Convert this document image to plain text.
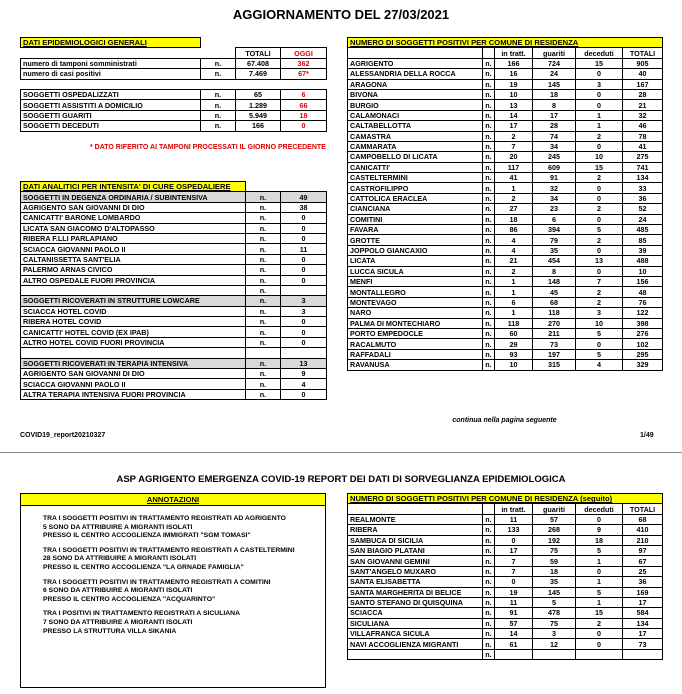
AGGIORNAMENTO DEL 27/03/2021
DATI EPIDEMIOLOGICI GENERALI			
		TOTALI	OGGI
numero di tamponi somministrati	n.	67.408	362
numero di casi positivi	n.	7.469	67*

SOGGETTI OSPEDALIZZATI	n.	65	6
SOGGETTI ASSISTITI A DOMICILIO	n.	1.289	66
SOGGETTI GUARITI	n.	5.949	18
SOGGETTI DECEDUTI	n.	166	0
* DATO RIFERITO AI TAMPONI PROCESSATI IL GIORNO PRECEDENTE
DATI ANALITICI PER INTENSITA' DI CURE OSPEDALIERE		
SOGGETTI IN DEGENZA ORDINARIA / SUBINTENSIVA	n.	49
AGRIGENTO SAN GIOVANNI DI DIO	n.	38
CANICATTI' BARONE LOMBARDO	n.	0
LICATA SAN GIACOMO D'ALTOPASSO	n.	0
RIBERA F.LLI PARLAPIANO	n.	0
SCIACCA GIOVANNI PAOLO II	n.	11
CALTANISSETTA SANT'ELIA	n.	0
PALERMO ARNAS CIVICO	n.	0
ALTRO OSPEDALE FUORI PROVINCIA	n.	0
	n.	
SOGGETTI RICOVERATI IN STRUTTURE LOWCARE	n.	3
SCIACCA HOTEL COVID	n.	3
RIBERA HOTEL COVID	n.	0
CANICATTI' HOTEL COVID (EX IPAB)	n.	0
ALTRO HOTEL COVID FUORI PROVINCIA	n.	0

SOGGETTI RICOVERATI IN TERAPIA INTENSIVA	n.	13
AGRIGENTO SAN GIOVANNI DI DIO	n.	9
SCIACCA GIOVANNI PAOLO II	n.	4
ALTRA TERAPIA INTENSIVA FUORI PROVINCIA	n.	0
NUMERO DI SOGGETTI POSITIVI PER COMUNE DI RESIDENZA					
		in tratt.	guariti	deceduti	TOTALI
AGRIGENTO	n.	166	724	15	905
ALESSANDRIA DELLA ROCCA	n.	16	24	0	40
ARAGONA	n.	19	145	3	167
BIVONA	n.	10	18	0	28
BURGIO	n.	13	8	0	21
CALAMONACI	n.	14	17	1	32
CALTABELLOTTA	n.	17	28	1	46
CAMASTRA	n.	2	74	2	78
CAMMARATA	n.	7	34	0	41
CAMPOBELLO DI LICATA	n.	20	245	10	275
CANICATTI'	n.	117	609	15	741
CASTELTERMINI	n.	41	91	2	134
CASTROFILIPPO	n.	1	32	0	33
CATTOLICA ERACLEA	n.	2	34	0	36
CIANCIANA	n.	27	23	2	52
COMITINI	n.	18	6	0	24
FAVARA	n.	86	394	5	485
GROTTE	n.	4	79	2	85
JOPPOLO GIANCAXIO	n.	4	35	0	39
LICATA	n.	21	454	13	488
LUCCA SICULA	n.	2	8	0	10
MENFI	n.	1	148	7	156
MONTALLEGRO	n.	1	45	2	48
MONTEVAGO	n.	6	68	2	76
NARO	n.	1	118	3	122
PALMA DI MONTECHIARO	n.	118	270	10	398
PORTO EMPEDOCLE	n.	60	211	5	276
RACALMUTO	n.	29	73	0	102
RAFFADALI	n.	93	197	5	295
RAVANUSA	n.	10	315	4	329
continua nella pagina seguente
COVID19_report20210327	1/49
ASP AGRIGENTO EMERGENZA COVID-19 REPORT DEI DATI DI SORVEGLIANZA EPIDEMIOLOGICA
ANNOTAZIONI
TRA I SOGGETTI POSITIVI IN TRATTAMENTO REGISTRATI AD AGRIGENTO
5 SONO DA ATTRIBUIRE A MIGRANTI ISOLATI
PRESSO IL CENTRO ACCOGLIENZA IMMIGRATI "SGM TOMASI"
TRA I SOGGETTI POSITIVI IN TRATTAMENTO REGISTRATI A CASTELTERMINI
28 SONO DA ATTRIBUIRE A MIGRANTI ISOLATI
PRESSO IL CENTRO ACCOGLIENZA "LA GRNADE FAMIGLIA"
TRA I SOGGETTI POSITIVI IN TRATTAMENTO REGISTRATI A COMITINI
6 SONO DA ATTRIBUIRE A MIGRANTI ISOLATI
PRESSO IL CENTRO ACCOGLIENZA "ACQUARINTO"
TRA I POSITIVI IN TRATTAMENTO REGISTRATI A SICULIANA
7 SONO DA ATTRIBUIRE A MIGRANTI ISOLATI
PRESSO LA STRUTTURA VILLA SIKANIA
NUMERO DI SOGGETTI POSITIVI PER COMUNE DI RESIDENZA (seguito)					
		in tratt.	guariti	deceduti	TOTALI
REALMONTE	n.	11	57	0	68
RIBERA	n.	133	268	9	410
SAMBUCA DI SICILIA	n.	0	192	18	210
SAN BIAGIO PLATANI	n.	17	75	5	97
SAN GIOVANNI GEMINI	n.	7	59	1	67
SANT'ANGELO MUXARO	n.	7	18	0	25
SANTA ELISABETTA	n.	0	35	1	36
SANTA MARGHERITA DI BELICE	n.	19	145	5	169
SANTO STEFANO DI QUISQUINA	n.	11	5	1	17
SCIACCA	n.	91	478	15	584
SICULIANA	n.	57	75	2	134
VILLAFRANCA SICULA	n.	14	3	0	17
NAVI ACCOGLIENZA MIGRANTI	n.	61	12	0	73
	n.				
